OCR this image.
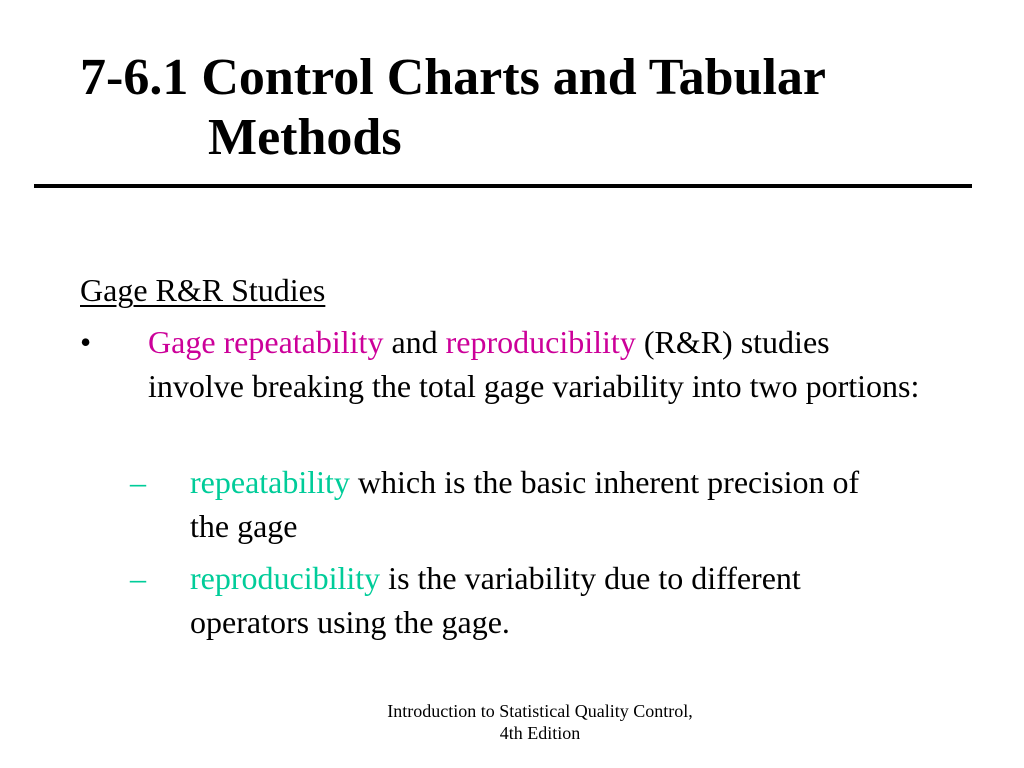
7-6.1 Control Charts and Tabular
Methods
Gage R&R Studies
• Gage repeatability and reproducibility (R&R) studies involve breaking the total gage variability into two portions:
– repeatability which is the basic inherent precision of the gage
– reproducibility is the variability due to different operators using the gage.
Introduction to Statistical Quality Control,
4th Edition
